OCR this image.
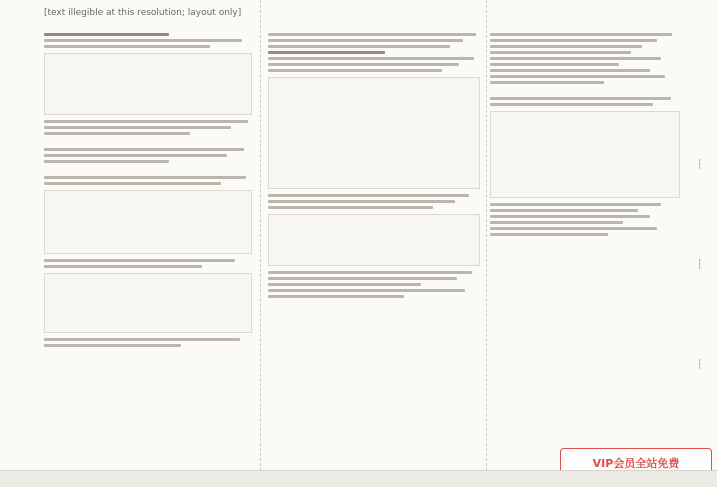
[text illegible at this resolution; layout only]
┆
┆
┆
VIP会员全站免费
